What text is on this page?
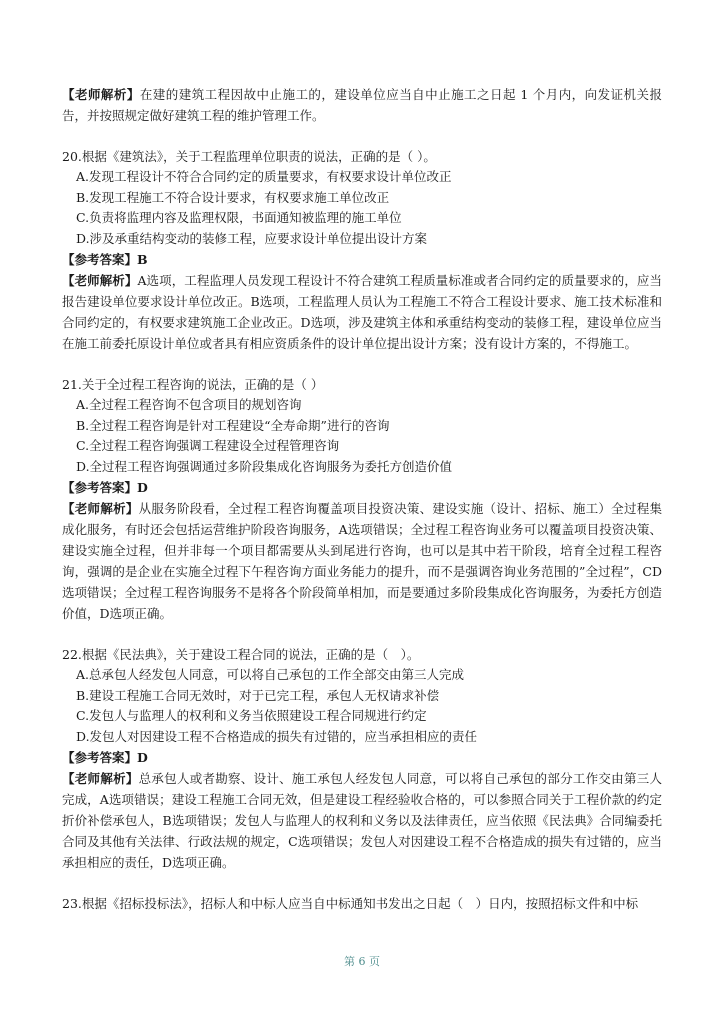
【老师解析】在建的建筑工程因故中止施工的，建设单位应当自中止施工之日起 1 个月内，向发证机关报告，并按照规定做好建筑工程的维护管理工作。

20.根据《建筑法》，关于工程监理单位职责的说法，正确的是（ ）。

A.发现工程设计不符合合同约定的质量要求，有权要求设计单位改正

B.发现工程施工不符合设计要求，有权要求施工单位改正

C.负责将监理内容及监理权限，书面通知被监理的施工单位

D.涉及承重结构变动的装修工程，应要求设计单位提出设计方案

【参考答案】B

【老师解析】A选项，工程监理人员发现工程设计不符合建筑工程质量标准或者合同约定的质量要求的，应当报告建设单位要求设计单位改正。B选项，工程监理人员认为工程施工不符合工程设计要求、施工技术标准和合同约定的，有权要求建筑施工企业改正。D选项，涉及建筑主体和承重结构变动的装修工程，建设单位应当在施工前委托原设计单位或者具有相应资质条件的设计单位提出设计方案；没有设计方案的，不得施工。

21.关于全过程工程咨询的说法，正确的是（ ）

A.全过程工程咨询不包含项目的规划咨询

B.全过程工程咨询是针对工程建设“全寿命期”进行的咨询

C.全过程工程咨询强调工程建设全过程管理咨询

D.全过程工程咨询强调通过多阶段集成化咨询服务为委托方创造价值

【参考答案】D

【老师解析】从服务阶段看，全过程工程咨询覆盖项目投资决策、建设实施（设计、招标、施工）全过程集成化服务，有时还会包括运营维护阶段咨询服务，A选项错误；全过程工程咨询业务可以覆盖项目投资决策、建设实施全过程，但并非每一个项目都需要从头到尾进行咨询，也可以是其中若干阶段，培育全过程工程咨询，强调的是企业在实施全过程下午程咨询方面业务能力的提升，而不是强调咨询业务范围的”全过程”，CD选项错误；全过程工程咨询服务不是将各个阶段简单相加，而是要通过多阶段集成化咨询服务，为委托方创造价值，D选项正确。

22.根据《民法典》，关于建设工程合同的说法，正确的是（　）。

A.总承包人经发包人同意，可以将自己承包的工作全部交由第三人完成

B.建设工程施工合同无效时，对于已完工程，承包人无权请求补偿

C.发包人与监理人的权利和义务当依照建设工程合同规进行约定

D.发包人对因建设工程不合格造成的损失有过错的，应当承担相应的责任

【参考答案】D

【老师解析】总承包人或者勘察、设计、施工承包人经发包人同意，可以将自己承包的部分工作交由第三人完成，A选项错误；建设工程施工合同无效，但是建设工程经验收合格的，可以参照合同关于工程价款的约定折价补偿承包人，B选项错误；发包人与监理人的权利和义务以及法律责任，应当依照《民法典》合同编委托合同及其他有关法律、行政法规的规定，C选项错误；发包人对因建设工程不合格造成的损失有过错的，应当承担相应的责任，D选项正确。

23.根据《招标投标法》，招标人和中标人应当自中标通知书发出之日起（　）日内，按照招标文件和中标

第 6 页
